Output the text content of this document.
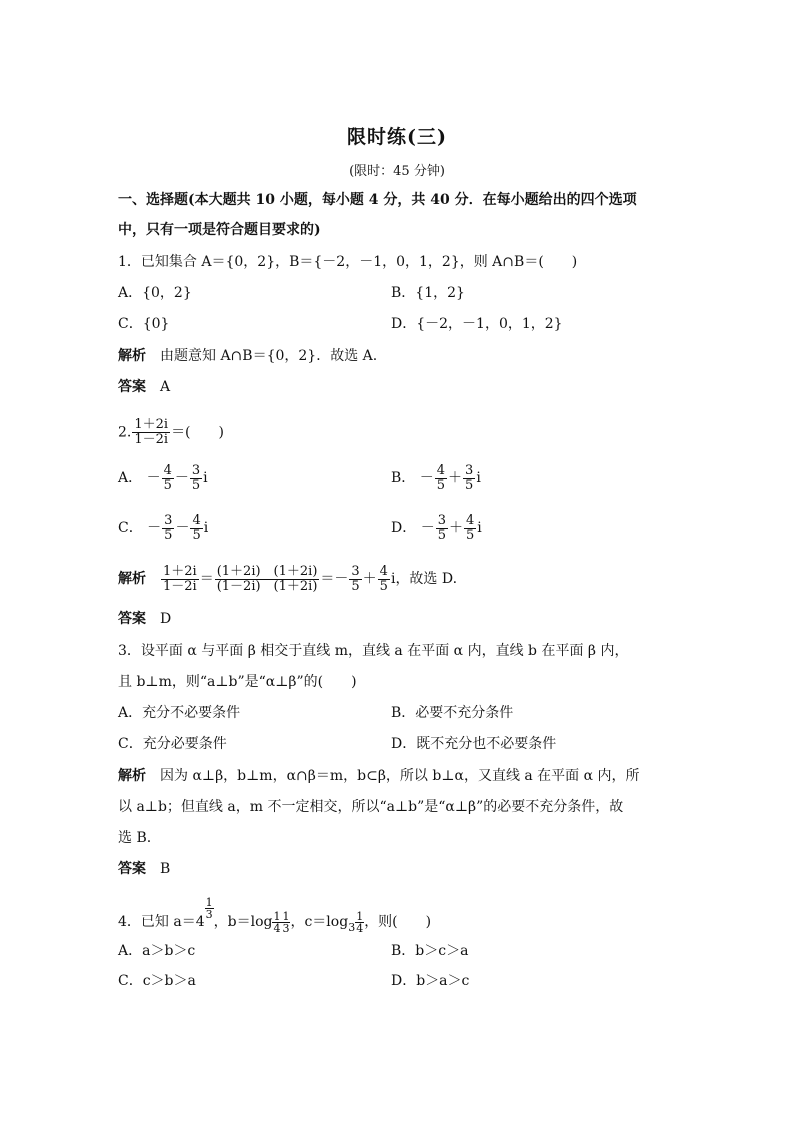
限时练(三)
(限时：45 分钟)
一、选择题(本大题共 10 小题，每小题 4 分，共 40 分．在每小题给出的四个选项
中，只有一项是符合题目要求的)
1．已知集合 A＝{0，2}，B＝{－2，－1，0，1，2}，则 A∩B＝(　　)
A．{0，2}	B．{1，2}
C．{0}	D．{－2，－1，0，1，2}
解析 由题意知 A∩B＝{0，2}．故选 A.
答案 A
2. $\frac{1+2i}{1-2i}$ ＝(　　)
A． － $\frac{4}{5} - \frac{3}{5}$ i	B． － $\frac{4}{5} + \frac{3}{5}$ i
C． － $\frac{3}{5} - \frac{4}{5}$ i	D． － $\frac{3}{5} + \frac{4}{5}$ i
解析 $\frac{1+2i}{1-2i} = \frac{(1+2i) (1+2i)}{(1-2i) (1+2i)} =- \frac{3}{5} + \frac{4}{5}$ i，故选 D.
答案 D
3．设平面 α 与平面 β 相交于直线 m，直线 a 在平面 α 内，直线 b 在平面 β 内，
且 b⊥m，则“a⊥b”是“α⊥β”的(　　)
A．充分不必要条件	B．必要不充分条件
C．充分必要条件	D．既不充分也不必要条件
解析 因为 α⊥β，b⊥m，α∩β＝m，b⊂β，所以 b⊥α，又直线 a 在平面 α 内，所
以 a⊥b；但直线 a，m 不一定相交，所以“a⊥b”是“α⊥β”的必要不充分条件，故
选 B.
答案 B
4．已知 a＝4
$\frac{1}{3}$
，$b=\log \frac{1}{4} \frac{1}{3}$ ，$c=\log_3 \frac{1}{4}$ ，则(　　)
A．a＞b＞c	B．b＞c＞a
C．c＞b＞a	D．b＞a＞c
